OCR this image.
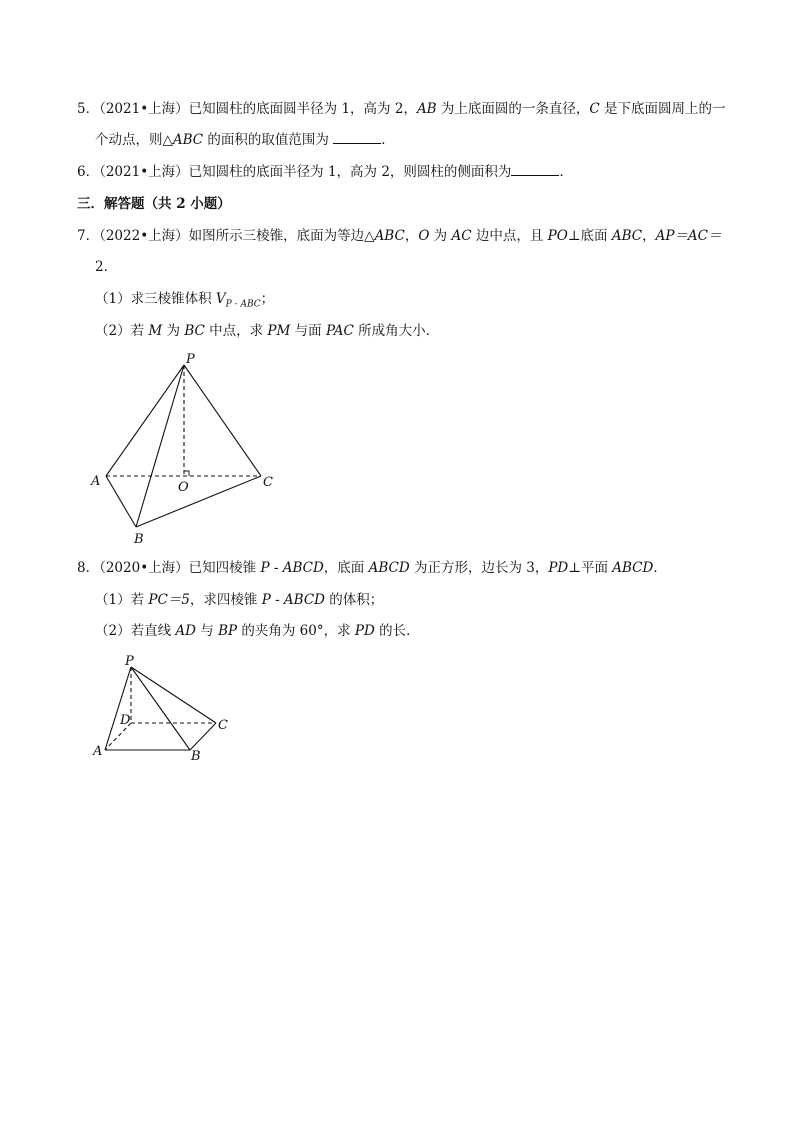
5．（2021•上海）已知圆柱的底面圆半径为 1，高为 2，AB 为上底面圆的一条直径，C 是下底面圆周上的一
个动点，则△ABC 的面积的取值范围为	．
6．（2021•上海）已知圆柱的底面半径为 1，高为 2，则圆柱的侧面积为	．
三．解答题（共 2 小题）
7．（2022•上海）如图所示三棱锥，底面为等边△ABC，O 为 AC 边中点，且 PO⊥底面 ABC，AP＝AC＝
2．
（1）求三棱锥体积 $V_{P - ABC}$；
（2）若 M 为 BC 中点，求 PM 与面 PAC 所成角大小．
P
A	O	C
B
8．（2020•上海）已知四棱锥 P - ABCD，底面 ABCD 为正方形，边长为 3，PD⊥平面 ABCD．
（1）若 PC＝5，求四棱锥 P - ABCD 的体积；
（2）若直线 AD 与 BP 的夹角为 60°，求 PD 的长．
P
D	C
A	B
